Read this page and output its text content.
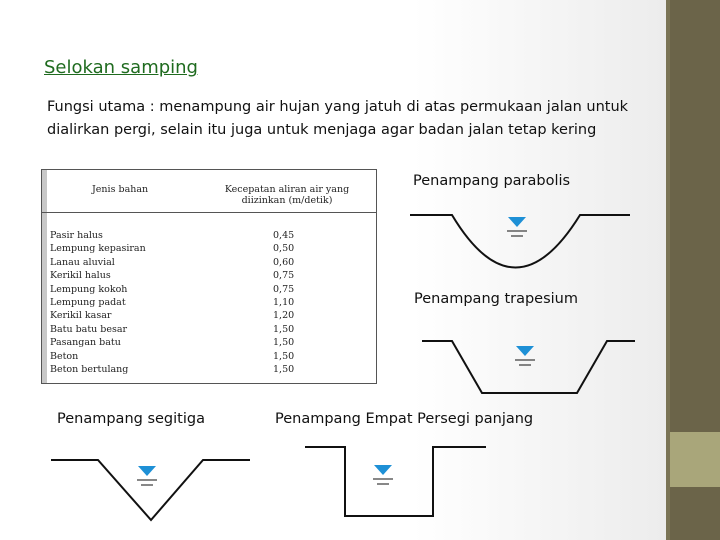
Selokan samping
Fungsi utama : menampung air hujan yang jatuh di atas permukaan jalan untuk dialirkan pergi, selain itu juga untuk menjaga agar badan jalan tetap kering
Jenis bahan	Kecepatan aliran air yang diizinkan (m/detik)
Pasir halus	0,45
Lempung kepasiran	0,50
Lanau aluvial	0,60
Kerikil halus	0,75
Lempung kokoh	0,75
Lempung padat	1,10
Kerikil kasar	1,20
Batu batu besar	1,50
Pasangan batu	1,50
Beton	1,50
Beton bertulang	1,50
Penampang parabolis
Penampang trapesium
Penampang segitiga	Penampang Empat Persegi panjang
